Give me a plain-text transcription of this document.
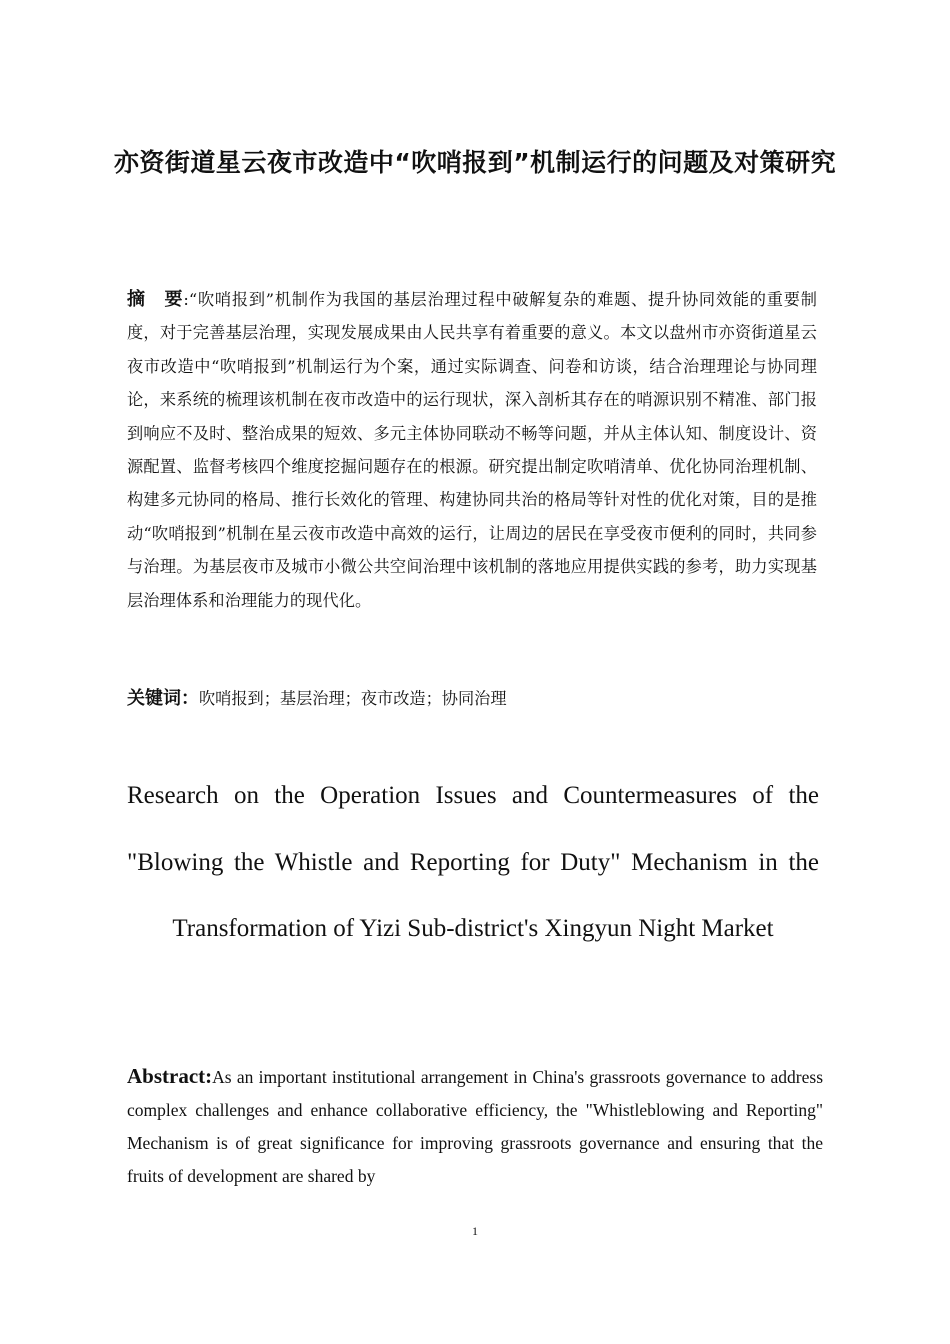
亦资街道星云夜市改造中“吹哨报到”机制运行的问题及对策研究

摘　要:“吹哨报到”机制作为我国的基层治理过程中破解复杂的难题、提升协同效能的重要制度，对于完善基层治理，实现发展成果由人民共享有着重要的意义。本文以盘州市亦资街道星云夜市改造中“吹哨报到”机制运行为个案，通过实际调查、问卷和访谈，结合治理理论与协同理论，来系统的梳理该机制在夜市改造中的运行现状，深入剖析其存在的哨源识别不精准、部门报到响应不及时、整治成果的短效、多元主体协同联动不畅等问题，并从主体认知、制度设计、资源配置、监督考核四个维度挖掘问题存在的根源。研究提出制定吹哨清单、优化协同治理机制、构建多元协同的格局、推行长效化的管理、构建协同共治的格局等针对性的优化对策，目的是推动“吹哨报到”机制在星云夜市改造中高效的运行，让周边的居民在享受夜市便利的同时，共同参与治理。为基层夜市及城市小微公共空间治理中该机制的落地应用提供实践的参考，助力实现基层治理体系和治理能力的现代化。

关键词：吹哨报到；基层治理；夜市改造；协同治理

Research on the Operation Issues and Countermeasures of the "Blowing the Whistle and Reporting for Duty" Mechanism in the Transformation of Yizi Sub-district's Xingyun Night Market

Abstract:As an important institutional arrangement in China's grassroots governance to address complex challenges and enhance collaborative efficiency, the "Whistleblowing and Reporting" Mechanism is of great significance for improving grassroots governance and ensuring that the fruits of development are shared by

1
